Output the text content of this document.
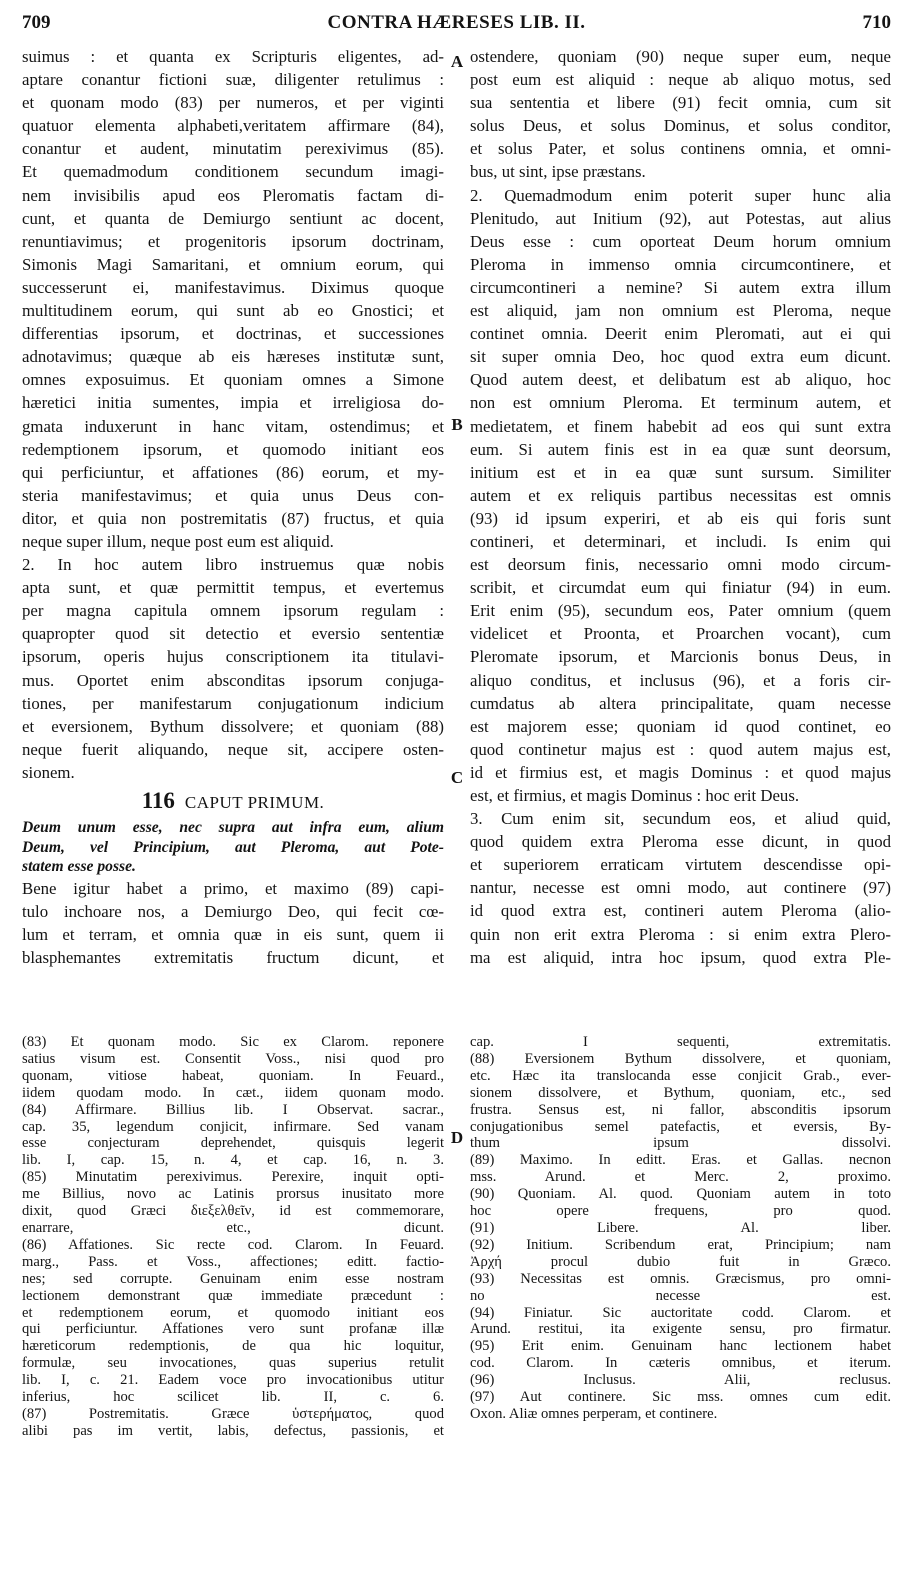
709	CONTRA HÆRESES LIB. II.	710
A
B
C
D
suimus : et quanta ex Scripturis eligentes, ad-
aptare conantur fictioni suæ, diligenter retulimus :
et quonam modo (83) per numeros, et per viginti
quatuor elementa alphabeti,veritatem affirmare (84),
conantur et audent, minutatim perexivimus (85).
Et quemadmodum conditionem secundum imagi-
nem invisibilis apud eos Pleromatis factam di-
cunt, et quanta de Demiurgo sentiunt ac docent,
renuntiavimus; et progenitoris ipsorum doctrinam,
Simonis Magi Samaritani, et omnium eorum, qui
successerunt ei, manifestavimus. Diximus quoque
multitudinem eorum, qui sunt ab eo Gnostici; et
differentias ipsorum, et doctrinas, et successiones
adnotavimus; quæque ab eis hæreses institutæ sunt,
omnes exposuimus. Et quoniam omnes a Simone
hæretici initia sumentes, impia et irreligiosa do-
gmata induxerunt in hanc vitam, ostendimus; et
redemptionem ipsorum, et quomodo initiant eos
qui perficiuntur, et affationes (86) eorum, et my-
steria manifestavimus; et quia unus Deus con-
ditor, et quia non postremitatis (87) fructus, et quia
neque super illum, neque post eum est aliquid.
2. In hoc autem libro instruemus quæ nobis
apta sunt, et quæ permittit tempus, et evertemus
per magna capitula omnem ipsorum regulam :
quapropter quod sit detectio et eversio sententiæ
ipsorum, operis hujus conscriptionem ita titulavi-
mus. Oportet enim absconditas ipsorum conjuga-
tiones, per manifestarum conjugationum indicium
et eversionem, Bythum dissolvere; et quoniam (88)
neque fuerit aliquando, neque sit, accipere osten-
sionem.
116 CAPUT PRIMUM.
Deum unum esse, nec supra aut infra eum, alium
Deum, vel Principium, aut Pleroma, aut Pote-
statem esse posse.
Bene igitur habet a primo, et maximo (89) capi-
tulo inchoare nos, a Demiurgo Deo, qui fecit cœ-
lum et terram, et omnia quæ in eis sunt, quem ii
blasphemantes extremitatis fructum dicunt, et
ostendere, quoniam (90) neque super eum, neque
post eum est aliquid : neque ab aliquo motus, sed
sua sententia et libere (91) fecit omnia, cum sit
solus Deus, et solus Dominus, et solus conditor,
et solus Pater, et solus continens omnia, et omni-
bus, ut sint, ipse præstans.
2. Quemadmodum enim poterit super hunc alia
Plenitudo, aut Initium (92), aut Potestas, aut alius
Deus esse : cum oporteat Deum horum omnium
Pleroma in immenso omnia circumcontinere, et
circumcontineri a nemine? Si autem extra illum
est aliquid, jam non omnium est Pleroma, neque
continet omnia. Deerit enim Pleromati, aut ei qui
sit super omnia Deo, hoc quod extra eum dicunt.
Quod autem deest, et delibatum est ab aliquo, hoc
non est omnium Pleroma. Et terminum autem, et
medietatem, et finem habebit ad eos qui sunt extra
eum. Si autem finis est in ea quæ sunt deorsum,
initium est et in ea quæ sunt sursum. Similiter
autem et ex reliquis partibus necessitas est omnis
(93) id ipsum experiri, et ab eis qui foris sunt
contineri, et determinari, et includi. Is enim qui
est deorsum finis, necessario omni modo circum-
scribit, et circumdat eum qui finiatur (94) in eum.
Erit enim (95), secundum eos, Pater omnium (quem
videlicet et Proonta, et Proarchen vocant), cum
Pleromate ipsorum, et Marcionis bonus Deus, in
aliquo conditus, et inclusus (96), et a foris cir-
cumdatus ab altera principalitate, quam necesse
est majorem esse; quoniam id quod continet, eo
quod continetur majus est : quod autem majus est,
id et firmius est, et magis Dominus : et quod majus
est, et firmius, et magis Dominus : hoc erit Deus.
3. Cum enim sit, secundum eos, et aliud quid,
quod quidem extra Pleroma esse dicunt, in quod
et superiorem erraticam virtutem descendisse opi-
nantur, necesse est omni modo, aut continere (97)
id quod extra est, contineri autem Pleroma (alio-
quin non erit extra Pleroma : si enim extra Plero-
ma est aliquid, intra hoc ipsum, quod extra Ple-
(83) Et quonam modo. Sic ex Clarom. reponere
satius visum est. Consentit Voss., nisi quod pro
quonam, vitiose habeat, quoniam. In Feuard.,
iidem quodam modo. In cæt., iidem quonam modo.
(84) Affirmare. Billius lib. I Observat. sacrar.,
cap. 35, legendum conjicit, infirmare. Sed vanam
esse conjecturam deprehendet, quisquis legerit
lib. I, cap. 15, n. 4, et cap. 16, n. 3.
(85) Minutatim perexivimus. Perexire, inquit opti-
me Billius, novo ac Latinis prorsus inusitato more
dixit, quod Græci διεξελθεῖν, id est commemorare,
enarrare, etc., dicunt.
(86) Affationes. Sic recte cod. Clarom. In Feuard.
marg., Pass. et Voss., affectiones; editt. factio-
nes; sed corrupte. Genuinam enim esse nostram
lectionem demonstrant quæ immediate præcedunt :
et redemptionem eorum, et quomodo initiant eos
qui perficiuntur. Affationes vero sunt profanæ illæ
hæreticorum redemptionis, de qua hic loquitur,
formulæ, seu invocationes, quas superius retulit
lib. I, c. 21. Eadem voce pro invocationibus utitur
inferius, hoc scilicet lib. II, c. 6.
(87) Postremitatis. Græce ὑστερήματος, quod
alibi pas im vertit, labis, defectus, passionis, et
cap. I sequenti, extremitatis.
(88) Eversionem Bythum dissolvere, et quoniam,
etc. Hæc ita translocanda esse conjicit Grab., ever-
sionem dissolvere, et Bythum, quoniam, etc., sed
frustra. Sensus est, ni fallor, absconditis ipsorum
conjugationibus semel patefactis, et eversis, By-
thum ipsum dissolvi.
(89) Maximo. In editt. Eras. et Gallas. necnon
mss. Arund. et Merc. 2, proximo.
(90) Quoniam. Al. quod. Quoniam autem in toto
hoc opere frequens, pro quod.
(91) Libere. Al. liber.
(92) Initium. Scribendum erat, Principium; nam
Ἀρχή procul dubio fuit in Græco.
(93) Necessitas est omnis. Græcismus, pro omni-
no necesse est.
(94) Finiatur. Sic auctoritate codd. Clarom. et
Arund. restitui, ita exigente sensu, pro firmatur.
(95) Erit enim. Genuinam hanc lectionem habet
cod. Clarom. In cæteris omnibus, et iterum.
(96) Inclusus. Alii, reclusus.
(97) Aut continere. Sic mss. omnes cum edit.
Oxon. Aliæ omnes perperam, et continere.
